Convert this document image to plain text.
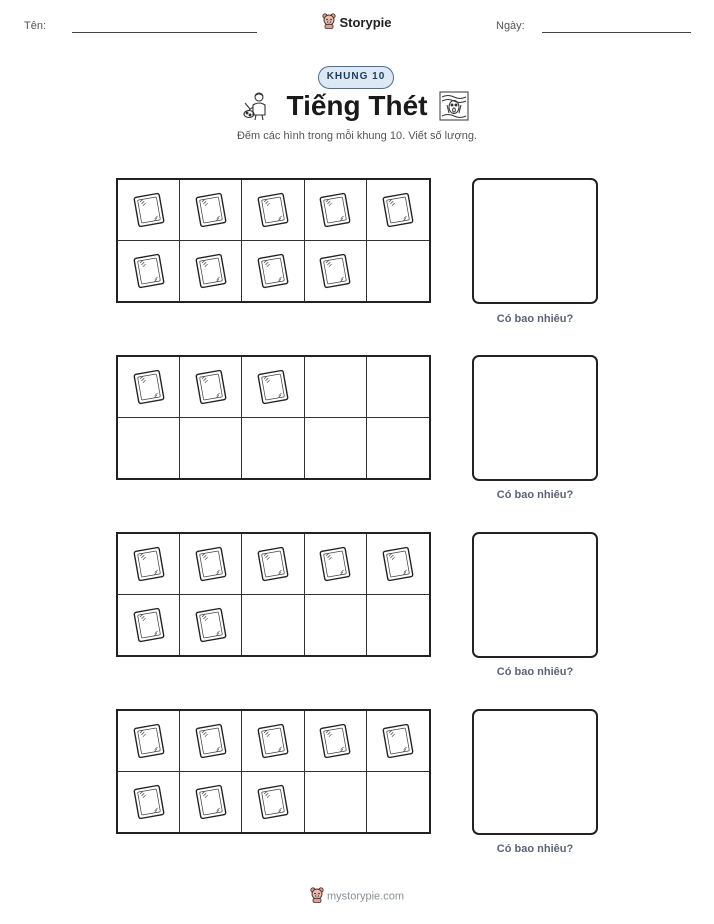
Tên:	Storypie	Ngày:
KHUNG 10
Tiếng Thét
Đếm các hình trong mỗi khung 10. Viết số lượng.
Có bao nhiêu?
Có bao nhiêu?
Có bao nhiêu?
Có bao nhiêu?
mystorypie.com
